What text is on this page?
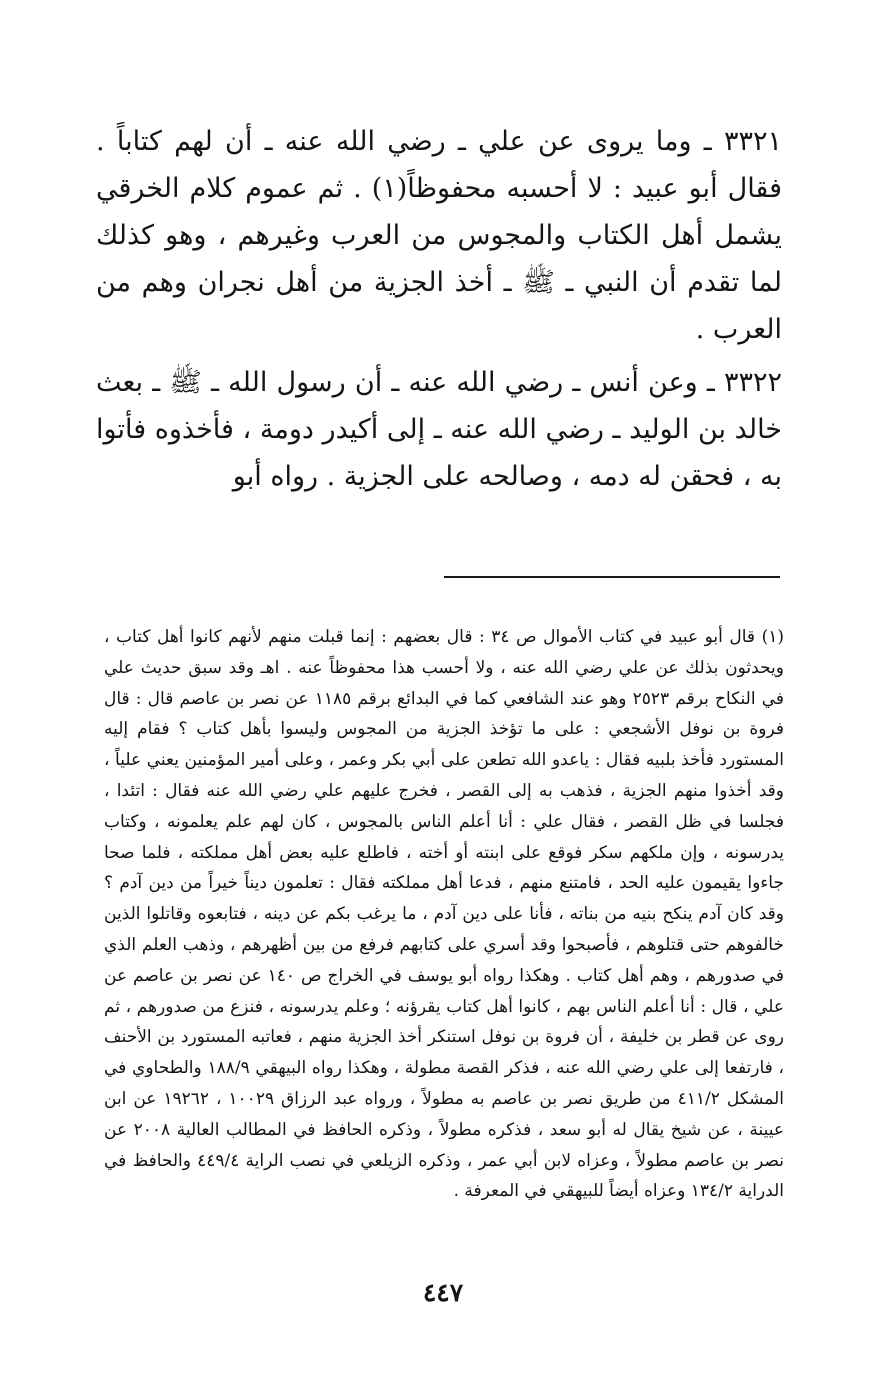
٣٣٢١ ـ وما يروى عن علي ـ رضي الله عنه ـ أن لهم كتاباً . فقال أبو عبيد : لا أحسبه محفوظاً(١) . ثم عموم كلام الخرقي يشمل أهل الكتاب والمجوس من العرب وغيرهم ، وهو كذلك لما تقدم أن النبي ـ ﷺ ـ أخذ الجزية من أهل نجران وهم من العرب .

٣٣٢٢ ـ وعن أنس ـ رضي الله عنه ـ أن رسول الله ـ ﷺ ـ بعث خالد بن الوليد ـ رضي الله عنه ـ إلى أكيدر دومة ، فأخذوه فأتوا به ، فحقن له دمه ، وصالحه على الجزية . رواه أبو

(١) قال أبو عبيد في كتاب الأموال ص ٣٤ : قال بعضهم : إنما قبلت منهم لأنهم كانوا أهل كتاب ، ويحدثون بذلك عن علي رضي الله عنه ، ولا أحسب هذا محفوظاً عنه . اهـ وقد سبق حديث علي في النكاح برقم ٢٥٢٣ وهو عند الشافعي كما في البدائع برقم ١١٨٥ عن نصر بن عاصم قال : قال فروة بن نوفل الأشجعي : على ما تؤخذ الجزية من المجوس وليسوا بأهل كتاب ؟ فقام إليه المستورد فأخذ بلبيه فقال : ياعدو الله تطعن على أبي بكر وعمر ، وعلى أمير المؤمنين يعني علياً ، وقد أخذوا منهم الجزية ، فذهب به إلى القصر ، فخرج عليهم علي رضي الله عنه فقال : اتئدا ، فجلسا في ظل القصر ، فقال علي : أنا أعلم الناس بالمجوس ، كان لهم علم يعلمونه ، وكتاب يدرسونه ، وإن ملكهم سكر فوقع على ابنته أو أخته ، فاطلع عليه بعض أهل مملكته ، فلما صحا جاءوا يقيمون عليه الحد ، فامتنع منهم ، فدعا أهل مملكته فقال : تعلمون ديناً خيراً من دين آدم ؟ وقد كان آدم ينكح بنيه من بناته ، فأنا على دين آدم ، ما يرغب بكم عن دينه ، فتابعوه وقاتلوا الذين خالفوهم حتى قتلوهم ، فأصبحوا وقد أسري على كتابهم فرفع من بين أظهرهم ، وذهب العلم الذي في صدورهم ، وهم أهل كتاب . وهكذا رواه أبو يوسف في الخراج ص ١٤٠ عن نصر بن عاصم عن علي ، قال : أنا أعلم الناس بهم ، كانوا أهل كتاب يقرؤنه ؛ وعلم يدرسونه ، فنزع من صدورهم ، ثم روى عن قطر بن خليفة ، أن فروة بن نوفل استنكر أخذ الجزية منهم ، فعاتبه المستورد بن الأحنف ، فارتفعا إلى علي رضي الله عنه ، فذكر القصة مطولة ، وهكذا رواه البيهقي ١٨٨/٩ والطحاوي في المشكل ٤١١/٢ من طريق نصر بن عاصم به مطولاً ، ورواه عبد الرزاق ١٠٠٢٩ ، ١٩٢٦٢ عن ابن عيينة ، عن شيخ يقال له أبو سعد ، فذكره مطولاً ، وذكره الحافظ في المطالب العالية ٢٠٠٨ عن نصر بن عاصم مطولاً ، وعزاه لابن أبي عمر ، وذكره الزيلعي في نصب الراية ٤٤٩/٤ والحافظ في الدراية ١٣٤/٢ وعزاه أيضاً للبيهقي في المعرفة .

٤٤٧
